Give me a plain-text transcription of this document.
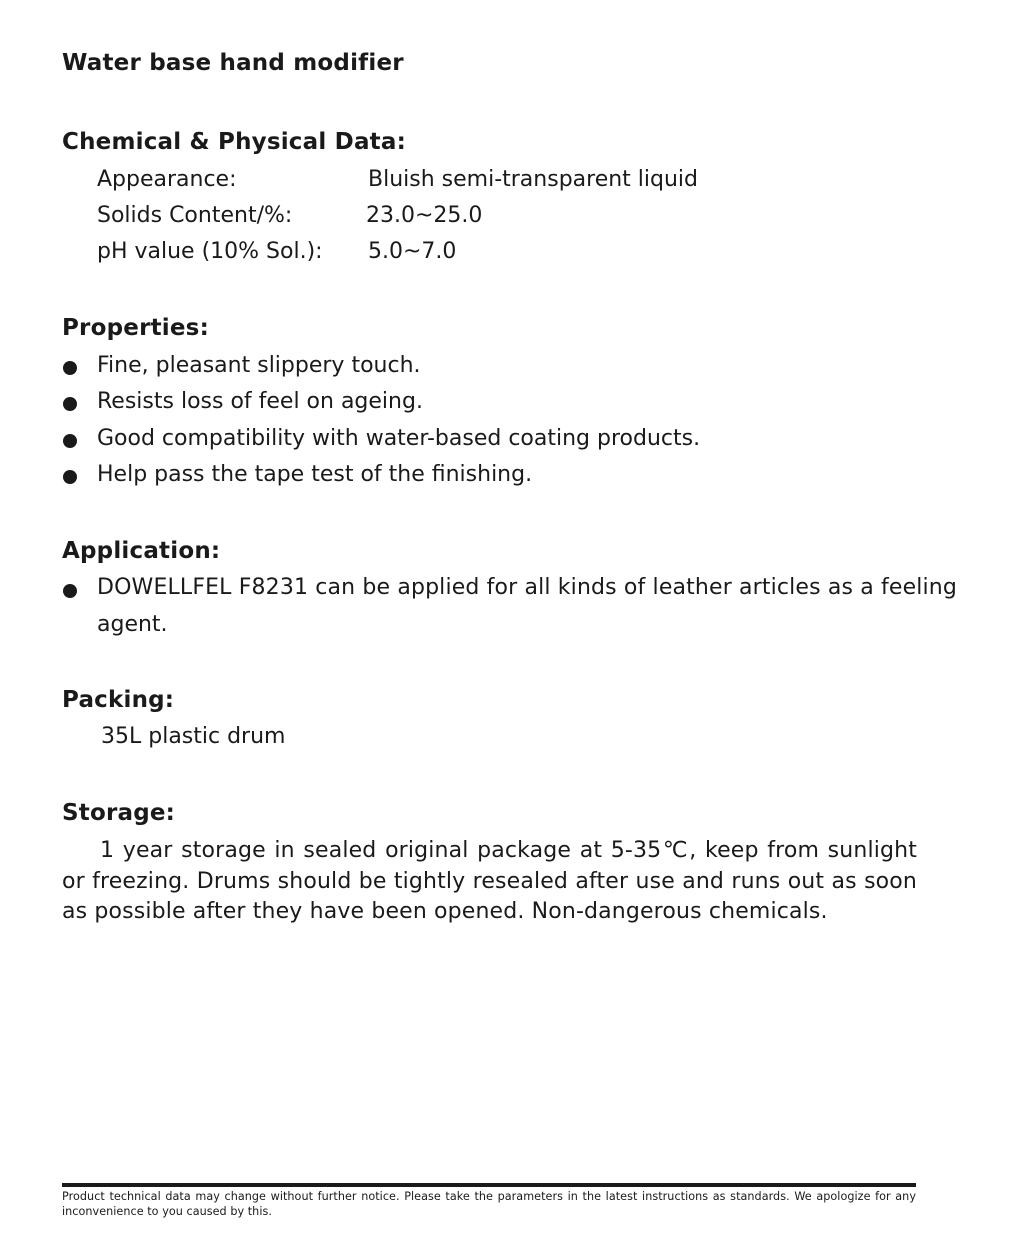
Water base hand modifier
Chemical & Physical Data:
Appearance:	Bluish semi-transparent liquid
Solids Content/%:	23.0~25.0
pH value (10% Sol.): 5.0~7.0
Properties:
Fine, pleasant slippery touch.
Resists loss of feel on ageing.
Good compatibility with water-based coating products.
Help pass the tape test of the finishing.
Application:
DOWELLFEL F8231 can be applied for all kinds of leather articles as a feeling
agent.
Packing:
35L plastic drum
Storage:
1 year storage in sealed original package at 5-35℃, keep from sunlight or freezing. Drums should be tightly resealed after use and runs out as soon as possible after they have been opened. Non-dangerous chemicals.
Product technical data may change without further notice. Please take the parameters in the latest instructions as standards. We apologize for any inconvenience to you caused by this.
